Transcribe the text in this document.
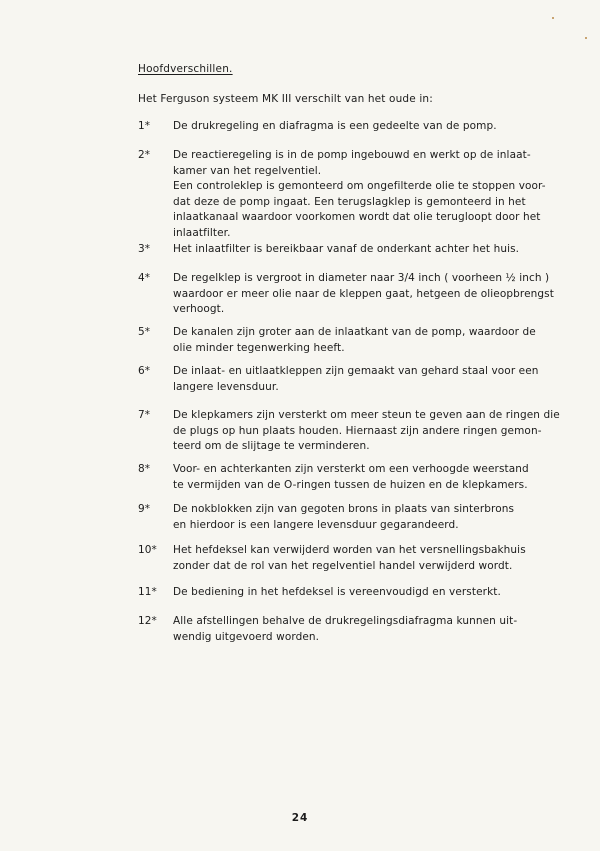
Hoofdverschillen.
Het Ferguson systeem MK III verschilt van het oude in:
1*	De drukregeling en diafragma is een gedeelte van de pomp.
2*	De reactieregeling is in de pomp ingebouwd en werkt op de inlaat-
kamer van het regelventiel.
Een controleklep is gemonteerd om ongefilterde olie te stoppen voor-
dat deze de pomp ingaat. Een terugslagklep is gemonteerd in het
inlaatkanaal waardoor voorkomen wordt dat olie terugloopt door het
inlaatfilter.
3*	Het inlaatfilter is bereikbaar vanaf de onderkant achter het huis.
4*	De regelklep is vergroot in diameter naar 3/4 inch ( voorheen ½ inch )
waardoor er meer olie naar de kleppen gaat, hetgeen de olieopbrengst
verhoogt.
5*	De kanalen zijn groter aan de inlaatkant van de pomp, waardoor de
olie minder tegenwerking heeft.
6*	De inlaat- en uitlaatkleppen zijn gemaakt van gehard staal voor een
langere levensduur.
7*	De klepkamers zijn versterkt om meer steun te geven aan de ringen die
de plugs op hun plaats houden. Hiernaast zijn andere ringen gemon-
teerd om de slijtage te verminderen.
8*	Voor- en achterkanten zijn versterkt om een verhoogde weerstand
te vermijden van de O-ringen tussen de huizen en de klepkamers.
9*	De nokblokken zijn van gegoten brons in plaats van sinterbrons
en hierdoor is een langere levensduur gegarandeerd.
10*	Het hefdeksel kan verwijderd worden van het versnellingsbakhuis
zonder dat de rol van het regelventiel handel verwijderd wordt.
11*	De bediening in het hefdeksel is vereenvoudigd en versterkt.
12*	Alle afstellingen behalve de drukregelingsdiafragma kunnen uit-
wendig uitgevoerd worden.
24
